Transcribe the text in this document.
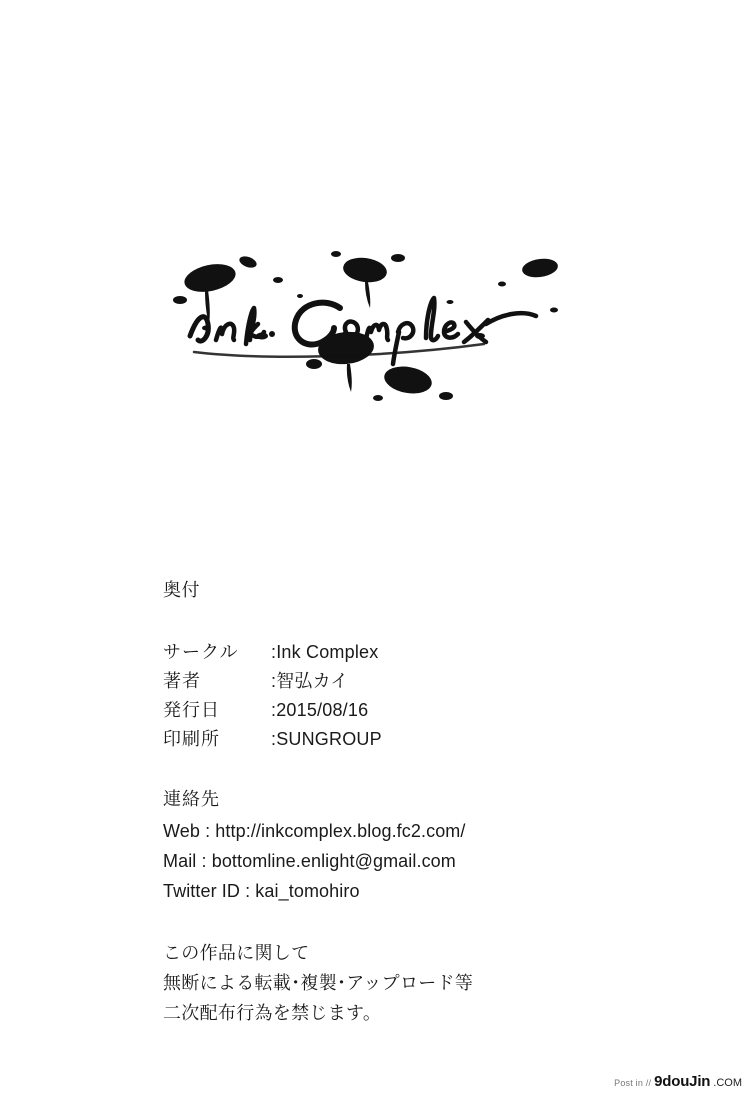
奥付
サークル	:Ink Complex
著者	:智弘カイ
発行日	:2015/08/16
印刷所	:SUNGROUP
連絡先

Web : http://inkcomplex.blog.fc2.com/

Mail : bottomline.enlight@gmail.com

Twitter ID : kai_tomohiro

この作品に関して

無断による転載･複製･アップロード等

二次配布行為を禁じます。

Post in // 9douJin .COM
